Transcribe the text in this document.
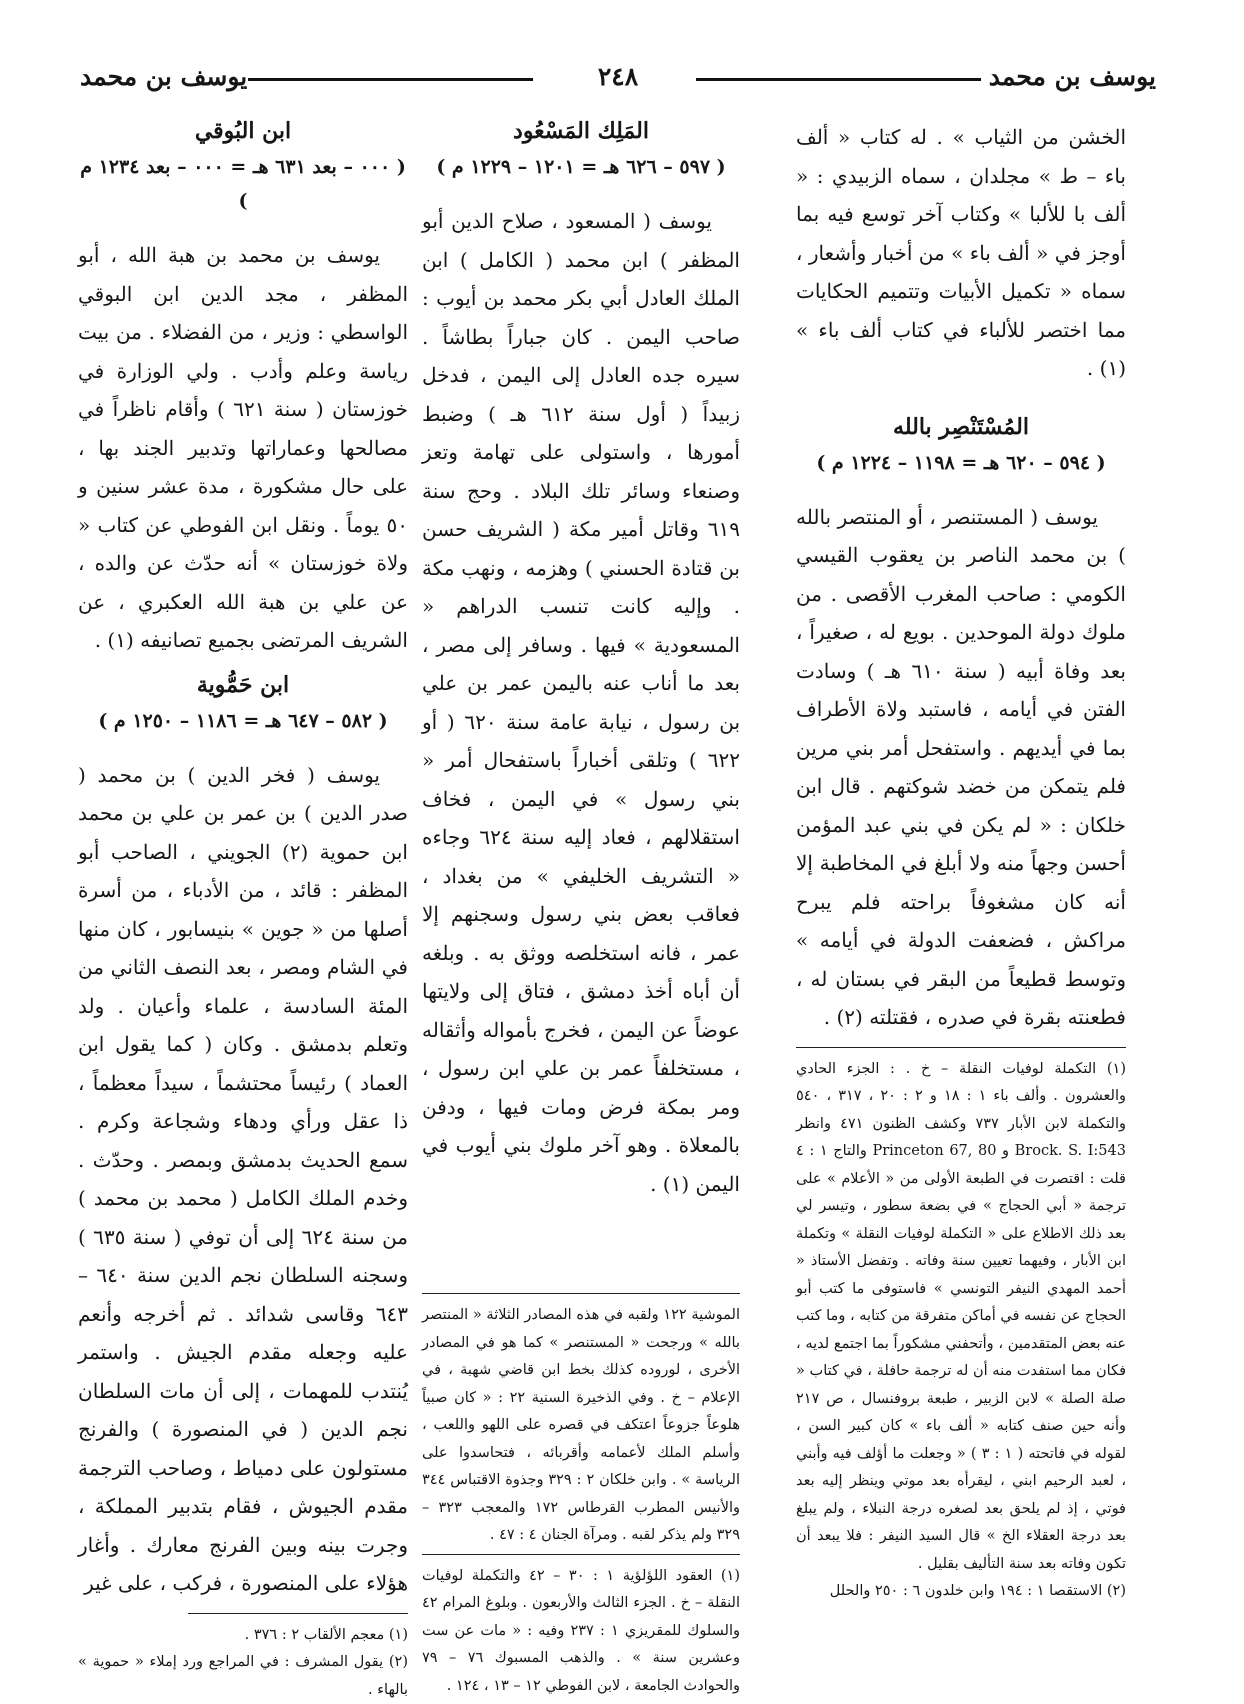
يوسف بن محمد
٢٤٨
يوسف بن محمد

الخشن من الثياب » . له كتاب « ألف باء – ط » مجلدان ، سماه الزبيدي : « ألف با للألبا » وكتاب آخر توسع فيه بما أوجز في « ألف باء » من أخبار وأشعار ، سماه « تكميل الأبيات وتتميم الحكايات مما اختصر للألباء في كتاب ألف باء » (١) .

المُسْتَنْصِر بالله
( ٥٩٤ – ٦٢٠ هـ = ١١٩٨ – ١٢٢٤ م )

يوسف ( المستنصر ، أو المنتصر بالله ) بن محمد الناصر بن يعقوب القيسي الكومي : صاحب المغرب الأقصى . من ملوك دولة الموحدين . بويع له ، صغيراً ، بعد وفاة أبيه ( سنة ٦١٠ هـ ) وسادت الفتن في أيامه ، فاستبد ولاة الأطراف بما في أيديهم . واستفحل أمر بني مرين فلم يتمكن من خضد شوكتهم . قال ابن خلكان : « لم يكن في بني عبد المؤمن أحسن وجهاً منه ولا أبلغ في المخاطبة إلا أنه كان مشغوفاً براحته فلم يبرح مراكش ، فضعفت الدولة في أيامه » وتوسط قطيعاً من البقر في بستان له ، فطعنته بقرة في صدره ، فقتلته (٢) .

(١) التكملة لوفيات النقلة – خ . : الجزء الحادي والعشرون . وألف باء ١ : ١٨ و ٢ : ٢٠ ، ٣١٧ ، ٥٤٠ والتكملة لابن الأبار ٧٣٧ وكشف الظنون ٤٧١ وانظر Brock. S. I:543 و Princeton 67, 80 والتاج ١ : ٤ قلت : اقتصرت في الطبعة الأولى من « الأعلام » على ترجمة « أبي الحجاج » في بضعة سطور ، وتيسر لي بعد ذلك الاطلاع على « التكملة لوفيات النقلة » وتكملة ابن الأبار ، وفيهما تعيين سنة وفاته . وتفضل الأستاذ « أحمد المهدي النيفر التونسي » فاستوفى ما كتب أبو الحجاج عن نفسه في أماكن متفرقة من كتابه ، وما كتب عنه بعض المتقدمين ، وأتحفني مشكوراً بما اجتمع لديه ، فكان مما استفدت منه أن له ترجمة حافلة ، في كتاب « صلة الصلة » لابن الزبير ، طبعة بروفنسال ، ص ٢١٧ وأنه حين صنف كتابه « ألف باء » كان كبير السن ، لقوله في فاتحته ( ١ : ٣ ) « وجعلت ما أؤلف فيه وأبني ، لعبد الرحيم ابني ، ليقرأه بعد موتي وينظر إليه بعد فوتي ، إذ لم يلحق بعد لصغره درجة النبلاء ، ولم يبلغ بعد درجة العقلاء الخ » قال السيد النيفر : فلا يبعد أن تكون وفاته بعد سنة التأليف بقليل .

(٢) الاستقصا ١ : ١٩٤ وابن خلدون ٦ : ٢٥٠ والحلل

المَلِك المَسْعُود
( ٥٩٧ – ٦٢٦ هـ = ١٢٠١ – ١٢٢٩ م )

يوسف ( المسعود ، صلاح الدين أبو المظفر ) ابن محمد ( الكامل ) ابن الملك العادل أبي بكر محمد بن أيوب : صاحب اليمن . كان جباراً بطاشاً . سيره جده العادل إلى اليمن ، فدخل زبيداً ( أول سنة ٦١٢ هـ ) وضبط أمورها ، واستولى على تهامة وتعز وصنعاء وسائر تلك البلاد . وحج سنة ٦١٩ وقاتل أمير مكة ( الشريف حسن بن قتادة الحسني ) وهزمه ، ونهب مكة . وإليه كانت تنسب الدراهم « المسعودية » فيها . وسافر إلى مصر ، بعد ما أناب عنه باليمن عمر بن علي بن رسول ، نيابة عامة سنة ٦٢٠ ( أو ٦٢٢ ) وتلقى أخباراً باستفحال أمر « بني رسول » في اليمن ، فخاف استقلالهم ، فعاد إليه سنة ٦٢٤ وجاءه « التشريف الخليفي » من بغداد ، فعاقب بعض بني رسول وسجنهم إلا عمر ، فانه استخلصه ووثق به . وبلغه أن أباه أخذ دمشق ، فتاق إلى ولايتها عوضاً عن اليمن ، فخرج بأمواله وأثقاله ، مستخلفاً عمر بن علي ابن رسول ، ومر بمكة فرض ومات فيها ، ودفن بالمعلاة . وهو آخر ملوك بني أيوب في اليمن (١) .

الموشية ١٢٢ ولقبه في هذه المصادر الثلاثة « المنتصر بالله » ورجحت « المستنصر » كما هو في المصادر الأخرى ، لوروده كذلك بخط ابن قاضي شهبة ، في الإعلام – خ . وفي الذخيرة السنية ٢٢ : « كان صبياً هلوعاً جزوعاً اعتكف في قصره على اللهو واللعب ، وأسلم الملك لأعمامه وأقربائه ، فتحاسدوا على الرياسة » . وابن خلكان ٢ : ٣٢٩ وجذوة الاقتباس ٣٤٤ والأنيس المطرب القرطاس ١٧٢ والمعجب ٣٢٣ – ٣٢٩ ولم يذكر لقبه . ومرآة الجنان ٤ : ٤٧ .

(١) العقود اللؤلؤية ١ : ٣٠ – ٤٢ والتكملة لوفيات النقلة – خ . الجزء الثالث والأربعون . وبلوغ المرام ٤٢ والسلوك للمقريزي ١ : ٢٣٧ وفيه : « مات عن ست وعشرين سنة » . والذهب المسبوك ٧٦ – ٧٩ والحوادث الجامعة ، لابن الفوطي ١٢ – ١٣ ، ١٢٤ .

ابن البُوقي
( ٠٠٠ – بعد ٦٣١ هـ = ٠٠٠ – بعد ١٢٣٤ م )

يوسف بن محمد بن هبة الله ، أبو المظفر ، مجد الدين ابن البوقي الواسطي : وزير ، من الفضلاء . من بيت رياسة وعلم وأدب . ولي الوزارة في خوزستان ( سنة ٦٢١ ) وأقام ناظراً في مصالحها وعماراتها وتدبير الجند بها ، على حال مشكورة ، مدة عشر سنين و ٥٠ يوماً . ونقل ابن الفوطي عن كتاب « ولاة خوزستان » أنه حدّث عن والده ، عن علي بن هبة الله العكبري ، عن الشريف المرتضى بجميع تصانيفه (١) .

ابن حَمُّوية
( ٥٨٢ – ٦٤٧ هـ = ١١٨٦ – ١٢٥٠ م )

يوسف ( فخر الدين ) بن محمد ( صدر الدين ) بن عمر بن علي بن محمد ابن حموية (٢) الجويني ، الصاحب أبو المظفر : قائد ، من الأدباء ، من أسرة أصلها من « جوين » بنيسابور ، كان منها في الشام ومصر ، بعد النصف الثاني من المئة السادسة ، علماء وأعيان . ولد وتعلم بدمشق . وكان ( كما يقول ابن العماد ) رئيساً محتشماً ، سيداً معظماً ، ذا عقل ورأي ودهاء وشجاعة وكرم . سمع الحديث بدمشق وبمصر . وحدّث . وخدم الملك الكامل ( محمد بن محمد ) من سنة ٦٢٤ إلى أن توفي ( سنة ٦٣٥ ) وسجنه السلطان نجم الدين سنة ٦٤٠ – ٦٤٣ وقاسى شدائد . ثم أخرجه وأنعم عليه وجعله مقدم الجيش . واستمر يُنتدب للمهمات ، إلى أن مات السلطان نجم الدين ( في المنصورة ) والفرنج مستولون على دمياط ، وصاحب الترجمة مقدم الجيوش ، فقام بتدبير المملكة ، وجرت بينه وبين الفرنج معارك . وأغار هؤلاء على المنصورة ، فركب ، على غير

(١) معجم الألقاب ٢ : ٣٧٦ .

(٢) يقول المشرف : في المراجع ورد إملاء « حموية » بالهاء .
